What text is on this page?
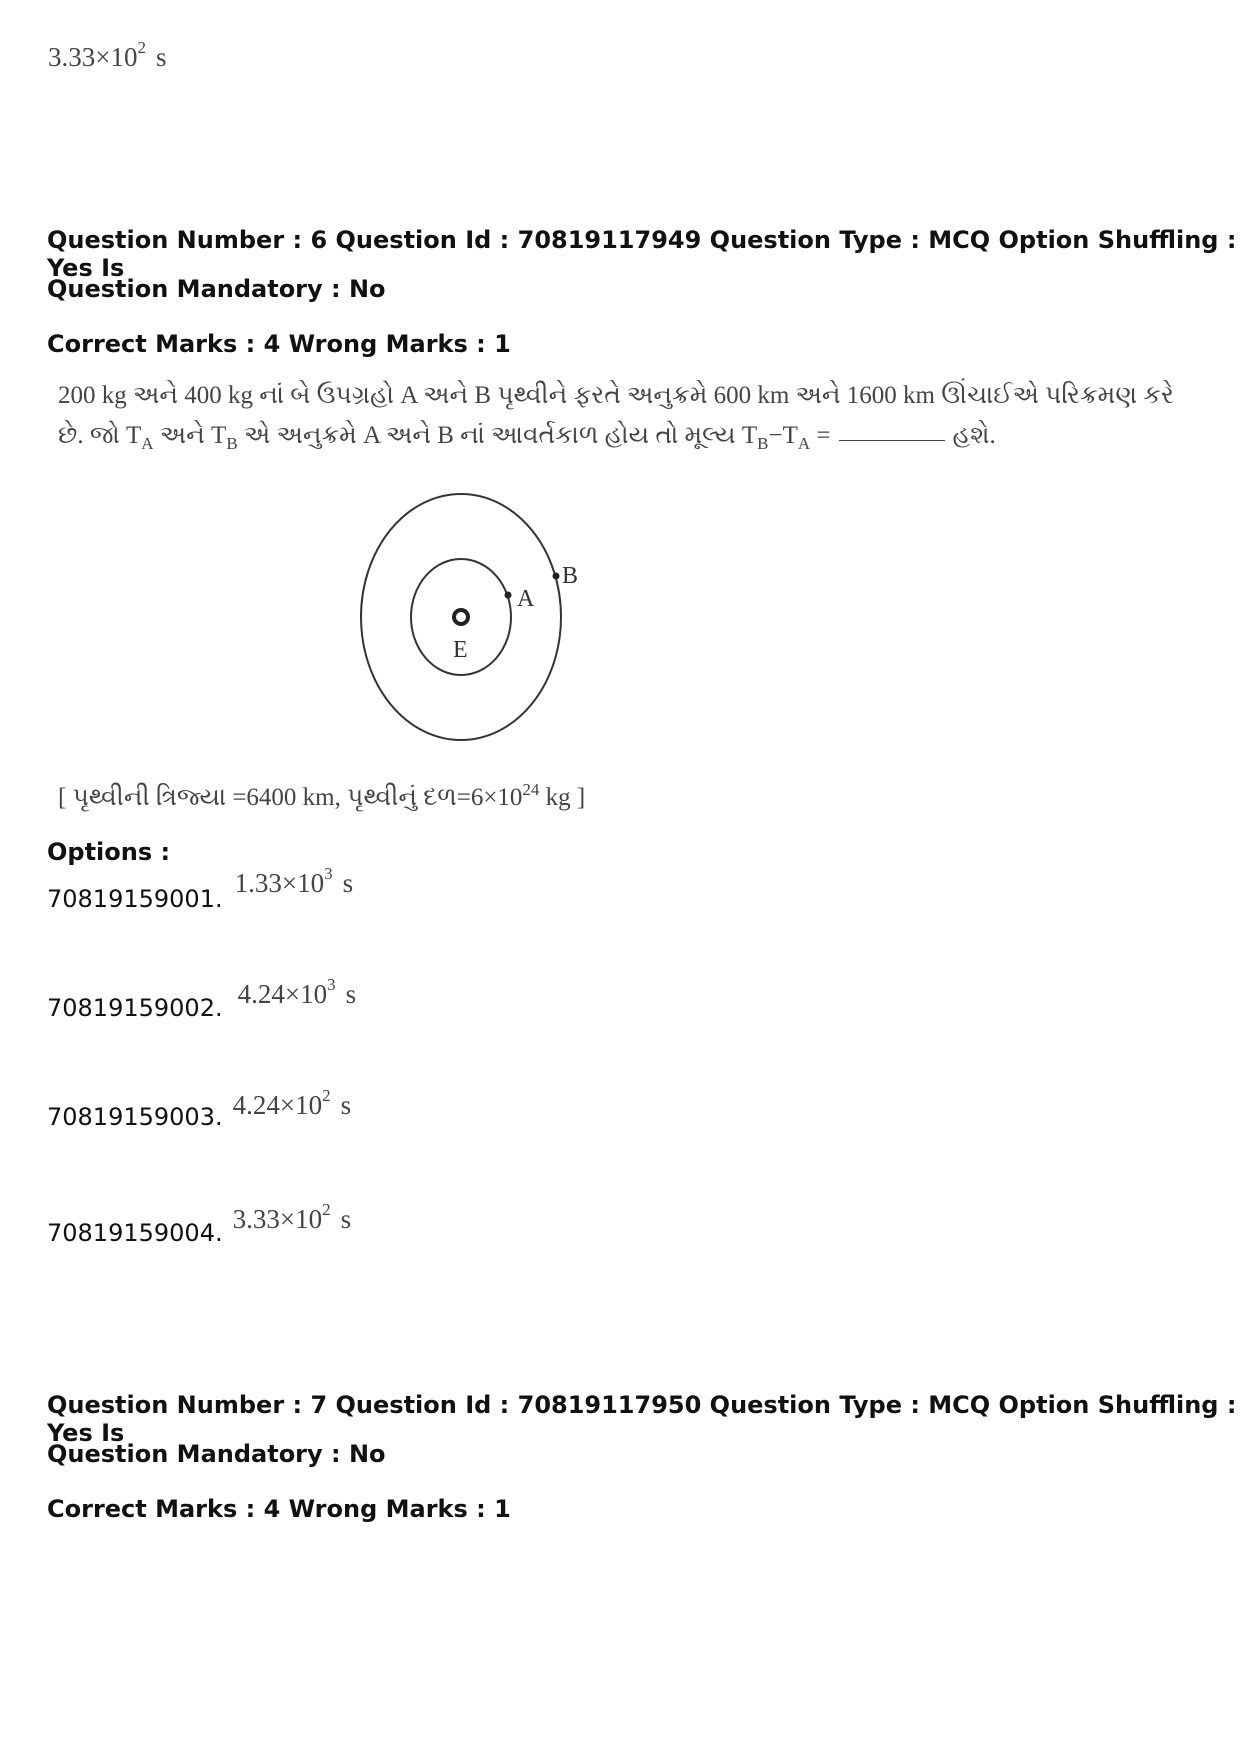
$3.33\times 10^2$ s
Question Number : 6 Question Id : 70819117949 Question Type : MCQ Option Shuffling : Yes Is
Question Mandatory : No
Correct Marks : 4 Wrong Marks : 1
200 kg અને 400 kg નાં બે ઉપગ્રહો A અને B પૃથ્વીને ફરતે અનુક્રમે 600 km અને 1600 km ઊંચાઈએ પરિક્રમણ કરે
છે. જો $T_A$ અને $T_B$ એ અનુક્રમે A અને B નાં આવર્તકાળ હોય તો મૂલ્ય $T_B-T_A$ =	હશે.
A
B
E
[ પૃથ્વીની ત્રિજ્યા =6400 km, પૃથ્વીનું $દળ=6\times 10^{24}$ kg ]
Options :
70819159001.
$1.33\times 10^3$ s
70819159002. $4.24\times 10^3$ s
70819159003. $4.24\times 10^2$ s
70819159004. $3.33\times 10^2$ s
Question Number : 7 Question Id : 70819117950 Question Type : MCQ Option Shuffling : Yes Is
Question Mandatory : No
Correct Marks : 4 Wrong Marks : 1
